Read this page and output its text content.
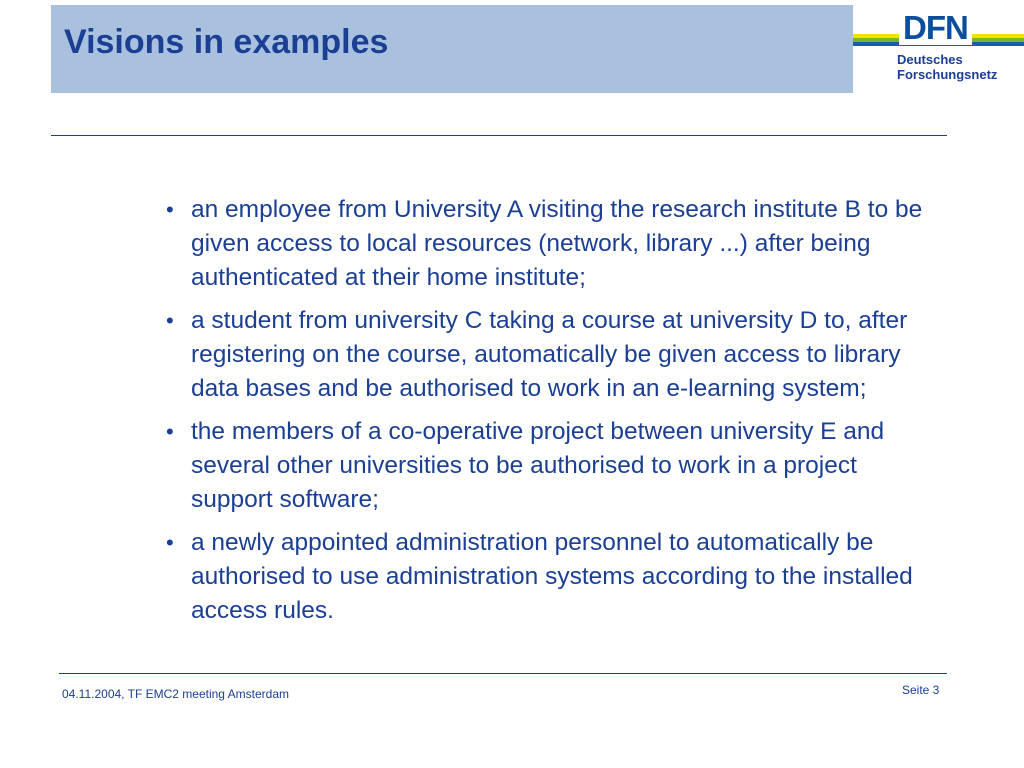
Visions in examples	DFN
Deutsches
Forschungsnetz
• an employee from University A visiting the research institute B to be given access to local resources (network, library ...) after being authenticated at their home institute;
• a student from university C taking a course at university D to, after registering on the course, automatically be given access to library data bases and be authorised to work in an e-learning system;
• the members of a co-operative project between university E and several other universities to be authorised to work in a project support software;
• a newly appointed administration personnel to automatically be authorised to use administration systems according to the installed access rules.
04.11.2004, TF EMC2 meeting Amsterdam	Seite 3
